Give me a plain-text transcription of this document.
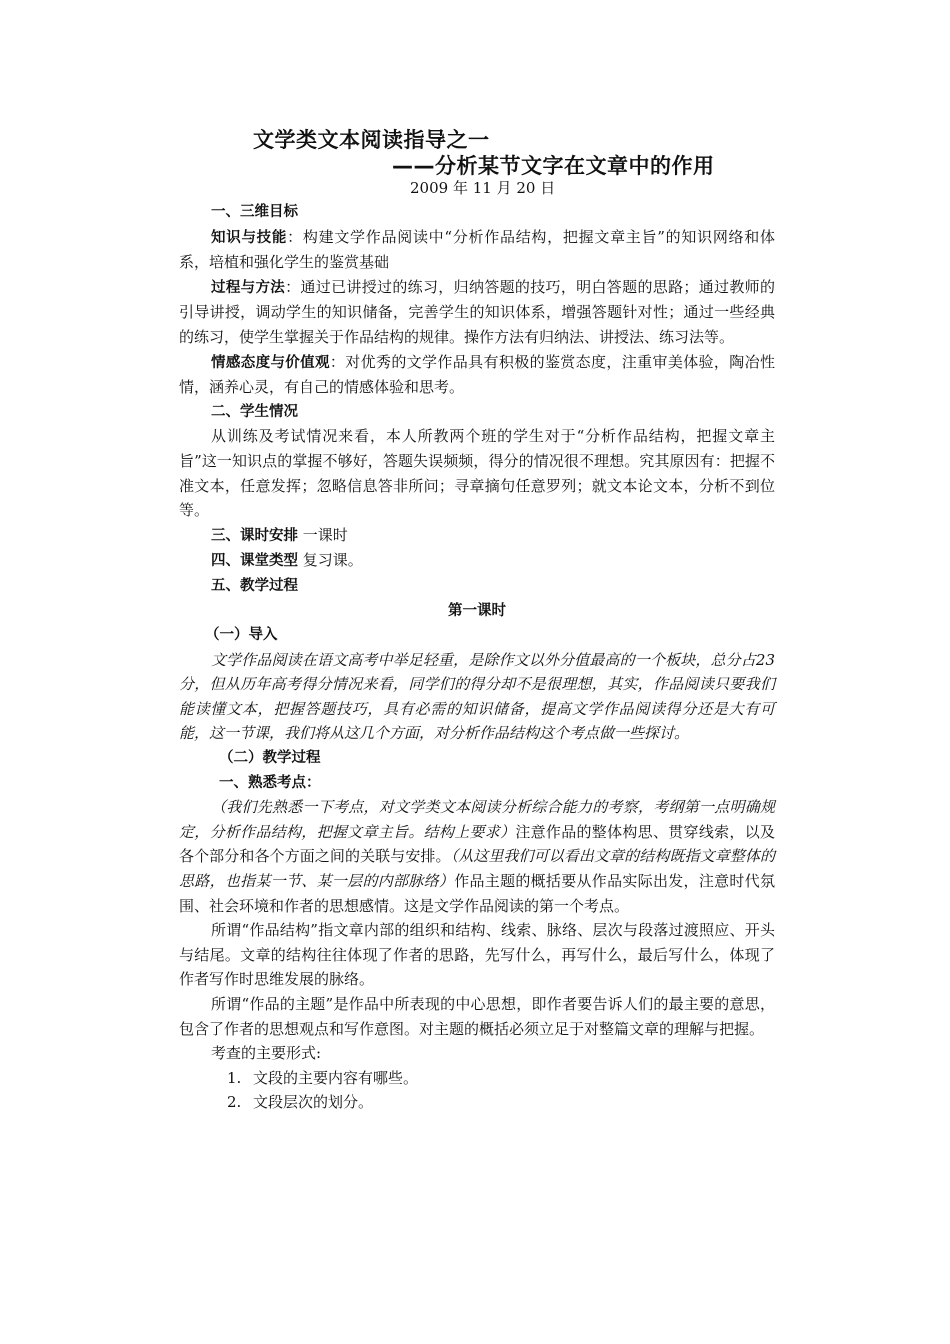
文学类文本阅读指导之一
——分析某节文字在文章中的作用
2009 年 11 月 20 日

一、三维目标

知识与技能：构建文学作品阅读中“分析作品结构，把握文章主旨”的知识网络和体系，培植和强化学生的鉴赏基础

过程与方法：通过已讲授过的练习，归纳答题的技巧，明白答题的思路；通过教师的引导讲授，调动学生的知识储备，完善学生的知识体系，增强答题针对性；通过一些经典的练习，使学生掌握关于作品结构的规律。操作方法有归纳法、讲授法、练习法等。

情感态度与价值观：对优秀的文学作品具有积极的鉴赏态度，注重审美体验，陶冶性情，涵养心灵，有自己的情感体验和思考。

二、学生情况

从训练及考试情况来看，本人所教两个班的学生对于“分析作品结构，把握文章主旨”这一知识点的掌握不够好，答题失误频频，得分的情况很不理想。究其原因有：把握不准文本，任意发挥；忽略信息答非所问；寻章摘句任意罗列；就文本论文本，分析不到位等。

三、课时安排 一课时

四、课堂类型 复习课。

五、教学过程

第一课时

（一）导入

文学作品阅读在语文高考中举足轻重，是除作文以外分值最高的一个板块，总分占23 分，但从历年高考得分情况来看，同学们的得分却不是很理想，其实，作品阅读只要我们能读懂文本，把握答题技巧，具有必需的知识储备，提高文学作品阅读得分还是大有可能，这一节课，我们将从这几个方面，对分析作品结构这个考点做一些探讨。

（二）教学过程

一、熟悉考点：

（我们先熟悉一下考点，对文学类文本阅读分析综合能力的考察，考纲第一点明确规定，分析作品结构，把握文章主旨。结构上要求）注意作品的整体构思、贯穿线索，以及各个部分和各个方面之间的关联与安排。（从这里我们可以看出文章的结构既指文章整体的思路，也指某一节、某一层的内部脉络）作品主题的概括要从作品实际出发，注意时代氛围、社会环境和作者的思想感情。这是文学作品阅读的第一个考点。

所谓“作品结构”指文章内部的组织和结构、线索、脉络、层次与段落过渡照应、开头与结尾。文章的结构往往体现了作者的思路，先写什么，再写什么，最后写什么，体现了作者写作时思维发展的脉络。

所谓“作品的主题”是作品中所表现的中心思想，即作者要告诉人们的最主要的意思，包含了作者的思想观点和写作意图。对主题的概括必须立足于对整篇文章的理解与把握。

考查的主要形式:

1. 文段的主要内容有哪些。

2. 文段层次的划分。
